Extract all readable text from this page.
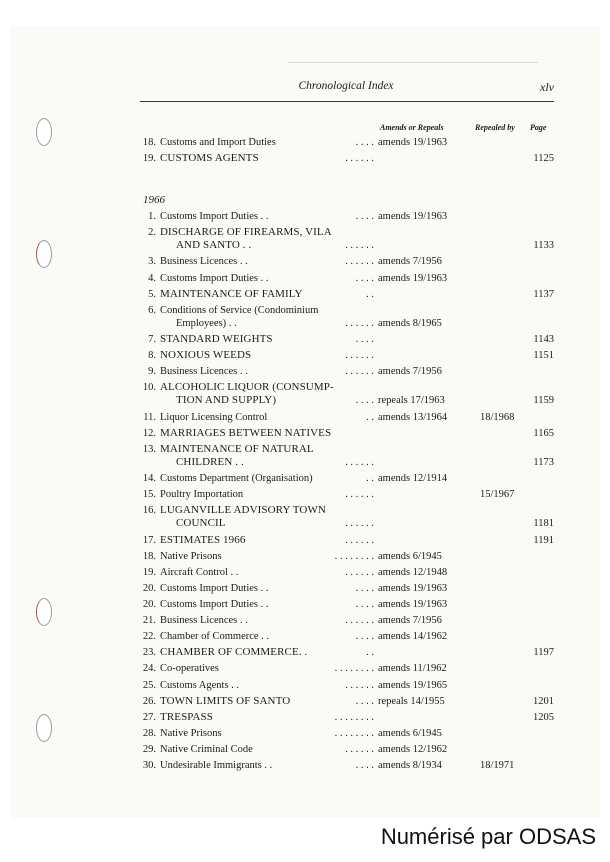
Chronological Index	xlv
Amends or Repeals	Repealed by Page
18. Customs and Import Duties	. . . . amends 19/1963
19. CUSTOMS AGENTS	. . . . . .	1125
1966
1. Customs Import Duties . .	. . . . amends 19/1963
2. DISCHARGE OF FIREARMS, VILA
AND SANTO . .	. . . . . .	1133
3. Business Licences . .	. . . . . . amends 7/1956
4. Customs Import Duties . .	. . . . amends 19/1963
5. MAINTENANCE OF FAMILY	. .	1137
6. Conditions of Service (Condominium
Employees) . .	. . . . . . amends 8/1965
7. STANDARD WEIGHTS	. . . .	1143
8. NOXIOUS WEEDS	. . . . . .	1151
9. Business Licences . .	. . . . . . amends 7/1956
10. ALCOHOLIC LIQUOR (CONSUMP-
TION AND SUPPLY)	. . . . repeals 17/1963	1159
11. Liquor Licensing Control	. . amends 13/1964	18/1968
12. MARRIAGES BETWEEN NATIVES	1165
13. MAINTENANCE OF NATURAL
CHILDREN . .	. . . . . .	1173
14. Customs Department (Organisation)	. . amends 12/1914
15. Poultry Importation	. . . . . .	15/1967
16. LUGANVILLE ADVISORY TOWN
COUNCIL	. . . . . .	1181
17. ESTIMATES 1966	. . . . . .	1191
18. Native Prisons	. . . . . . . . amends 6/1945
19. Aircraft Control . .	. . . . . . amends 12/1948
20. Customs Import Duties . .	. . . . amends 19/1963
20. Customs Import Duties . .	. . . . amends 19/1963
21. Business Licences . .	. . . . . . amends 7/1956
22. Chamber of Commerce . .	. . . . amends 14/1962
23. CHAMBER OF COMMERCE. .	. .	1197
24. Co-operatives	. . . . . . . . amends 11/1962
25. Customs Agents . .	. . . . . . amends 19/1965
26. TOWN LIMITS OF SANTO	. . . . repeals 14/1955	1201
27. TRESPASS	. . . . . . . .	1205
28. Native Prisons	. . . . . . . . amends 6/1945
29. Native Criminal Code	. . . . . . amends 12/1962
30. Undesirable Immigrants . .	. . . . amends 8/1934	18/1971
Numérisé par ODSAS
